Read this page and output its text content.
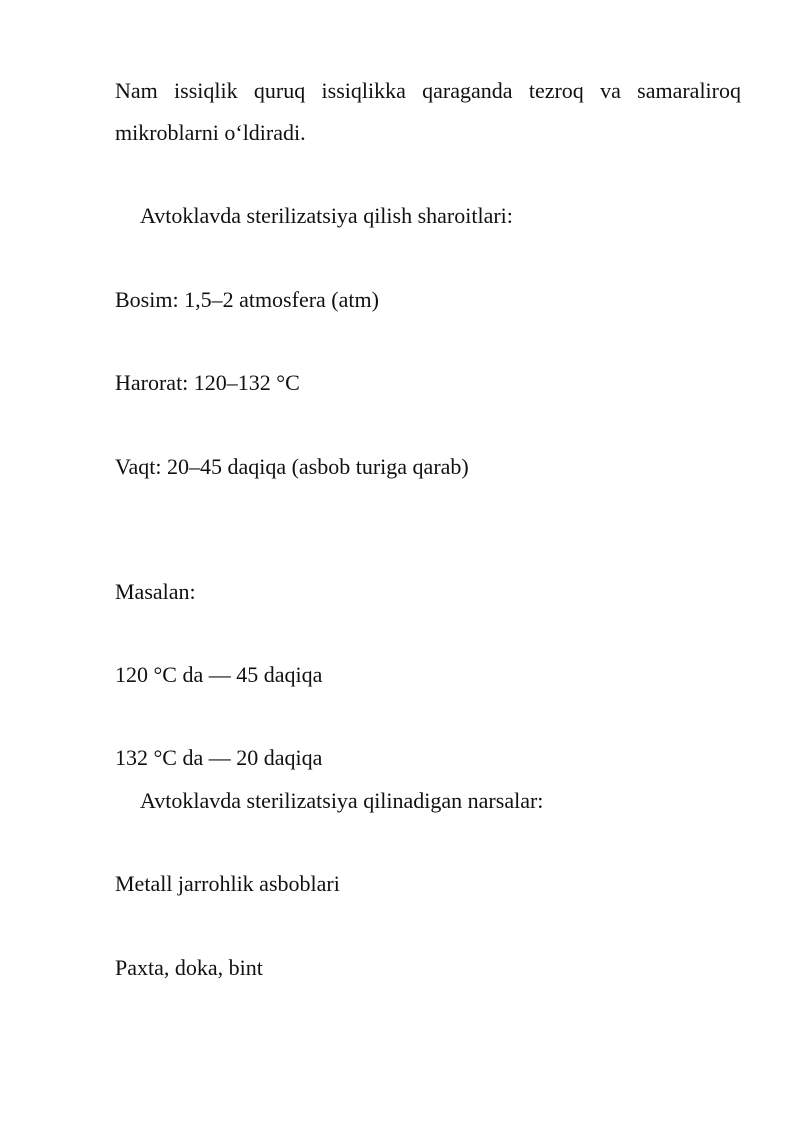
Nam issiqlik quruq issiqlikka qaraganda tezroq va samaraliroq
mikroblarni o‘ldiradi.
Avtoklavda sterilizatsiya qilish sharoitlari:
Bosim: 1,5–2 atmosfera (atm)
Harorat: 120–132 °C
Vaqt: 20–45 daqiqa (asbob turiga qarab)
Masalan:
120 °C da — 45 daqiqa
132 °C da — 20 daqiqa
Avtoklavda sterilizatsiya qilinadigan narsalar:
Metall jarrohlik asboblari
Paxta, doka, bint
